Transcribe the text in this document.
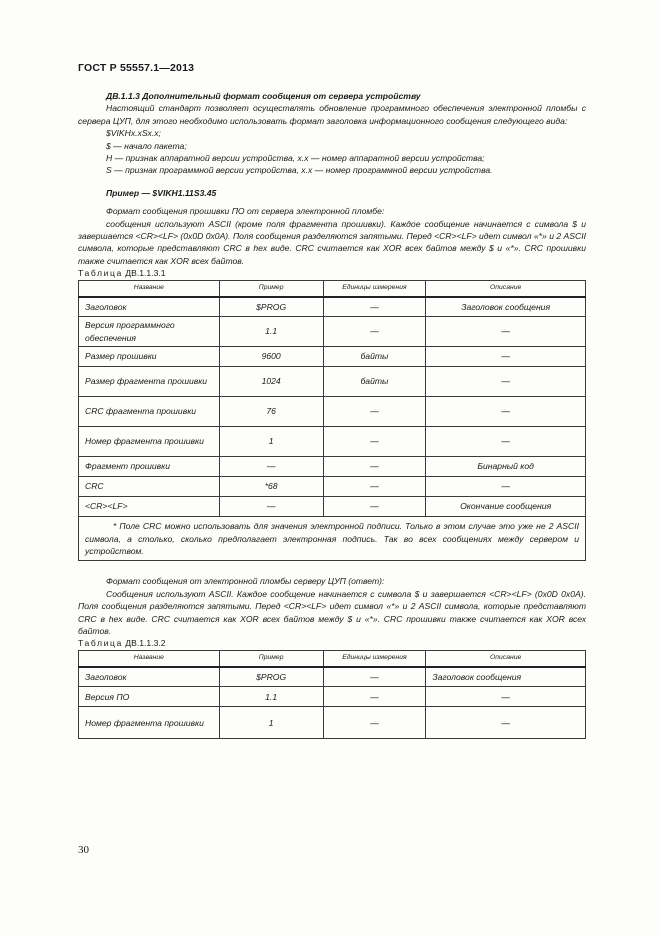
ГОСТ Р 55557.1—2013

ДВ.1.1.3 Дополнительный формат сообщения от сервера устройству

Настоящий стандарт позволяет осуществлять обновление программного обеспечения электронной пломбы с сервера ЦУП, для этого необходимо использовать формат заголовка информационного сообщения следующего вида:

$VIKHx.xSx.x;

$ — начало пакета;

H — признак аппаратной версии устройства, x.x — номер аппаратной версии устройства;

S — признак программной версии устройства, x.x — номер программной версии устройства.

Пример — $VIKH1.11S3.45

Формат сообщения прошивки ПО от сервера электронной пломбе:

сообщения используют ASCII (кроме поля фрагмента прошивки). Каждое сообщение начинается с символа $ и завершается <CR><LF> (0x0D 0x0A). Поля сообщения разделяются запятыми. Перед <CR><LF> идет символ «*» и 2 ASCII символа, которые представляют CRC в hex виде. CRC считается как XOR всех байтов между $ и «*». CRC прошивки также считается как XOR всех байтов.

Таблица ДВ.1.1.3.1

Название	Пример	Единицы измерения	Описание
Заголовок	$PROG	—	Заголовок сообщения
Версия программного обеспечения	1.1	—	—
Размер прошивки	9600	байты	—
Размер фрагмента прошивки	1024	байты	—
CRC фрагмента прошивки	76	—	—
Номер фрагмента прошивки	1	—	—
Фрагмент прошивки	—	—	Бинарный код
CRC	*68	—	—
<CR><LF>	—	—	Окончание сообщения

* Поле CRC можно использовать для значения электронной подписи. Только в этом случае это уже не 2 ASCII символа, а столько, сколько предполагает электронная подпись. Так во всех сообщениях между сервером и устройством.			

Формат сообщения от электронной пломбы серверу ЦУП (ответ):

Сообщения используют ASCII. Каждое сообщение начинается с символа $ и завершается <CR><LF> (0x0D 0x0A). Поля сообщения разделяются запятыми. Перед <CR><LF> идет символ «*» и 2 ASCII символа, которые представляют CRC в hex виде. CRC считается как XOR всех байтов между $ и «*». CRC прошивки также считается как XOR всех байтов.

Таблица ДВ.1.1.3.2

Название	Пример	Единицы измерения	Описание
Заголовок	$PROG	—	Заголовок сообщения
Версия ПО	1.1	—	—
Номер фрагмента прошивки	1	—	—
30
